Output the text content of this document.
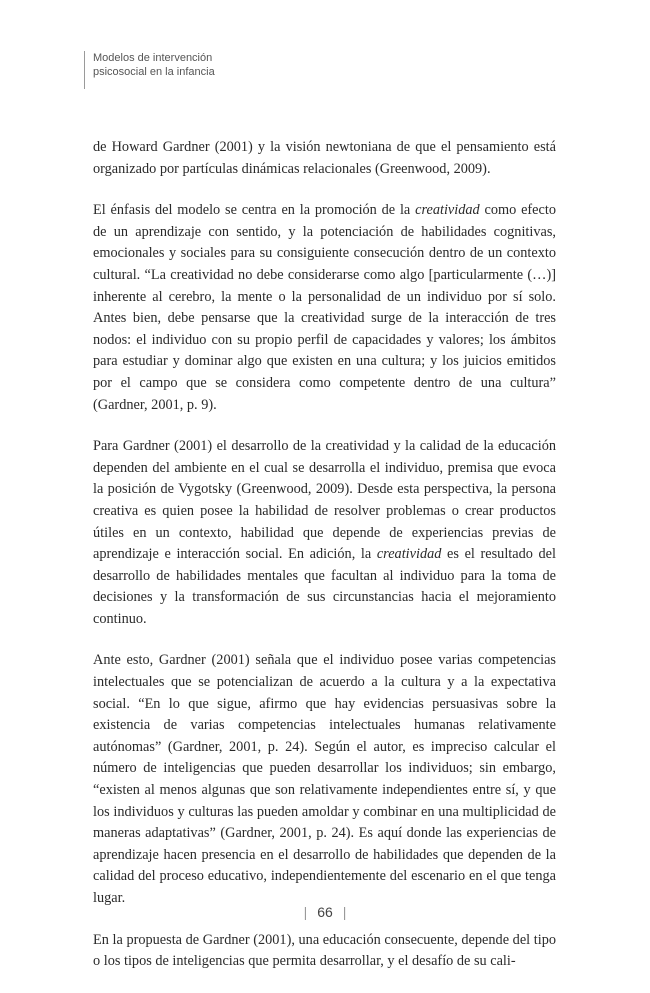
Modelos de intervención
psicosocial en la infancia

de Howard Gardner (2001) y la visión newtoniana de que el pensamiento está organizado por partículas dinámicas relacionales (Greenwood, 2009).

El énfasis del modelo se centra en la promoción de la creatividad como efecto de un aprendizaje con sentido, y la potenciación de habilidades cognitivas, emocionales y sociales para su consiguiente consecución dentro de un contexto cultural. “La creatividad no debe considerarse como algo [particularmente (…)] inherente al cerebro, la mente o la personalidad de un individuo por sí solo. Antes bien, debe pensarse que la creatividad surge de la interacción de tres nodos: el individuo con su propio perfil de capacidades y valores; los ámbitos para estudiar y dominar algo que existen en una cultura; y los juicios emitidos por el campo que se considera como competente dentro de una cultura” (Gardner, 2001, p. 9).

Para Gardner (2001) el desarrollo de la creatividad y la calidad de la educación dependen del ambiente en el cual se desarrolla el individuo, premisa que evoca la posición de Vygotsky (Greenwood, 2009). Desde esta perspectiva, la persona creativa es quien posee la habilidad de resolver problemas o crear productos útiles en un contexto, habilidad que depende de experiencias previas de aprendizaje e interacción social. En adición, la creatividad es el resultado del desarrollo de habilidades mentales que facultan al individuo para la toma de decisiones y la transformación de sus circunstancias hacia el mejoramiento continuo.

Ante esto, Gardner (2001) señala que el individuo posee varias competencias intelectuales que se potencializan de acuerdo a la cultura y a la expectativa social. “En lo que sigue, afirmo que hay evidencias persuasivas sobre la existencia de varias competencias intelectuales humanas relativamente autónomas” (Gardner, 2001, p. 24). Según el autor, es impreciso calcular el número de inteligencias que pueden desarrollar los individuos; sin embargo, “existen al menos algunas que son relativamente independientes entre sí, y que los individuos y culturas las pueden amoldar y combinar en una multiplicidad de maneras adaptativas” (Gardner, 2001, p. 24). Es aquí donde las experiencias de aprendizaje hacen presencia en el desarrollo de habilidades que dependen de la calidad del proceso educativo, independientemente del escenario en el que tenga lugar.

En la propuesta de Gardner (2001), una educación consecuente, depende del tipo o los tipos de inteligencias que permita desarrollar, y el desafío de su cali-

| 66 |
